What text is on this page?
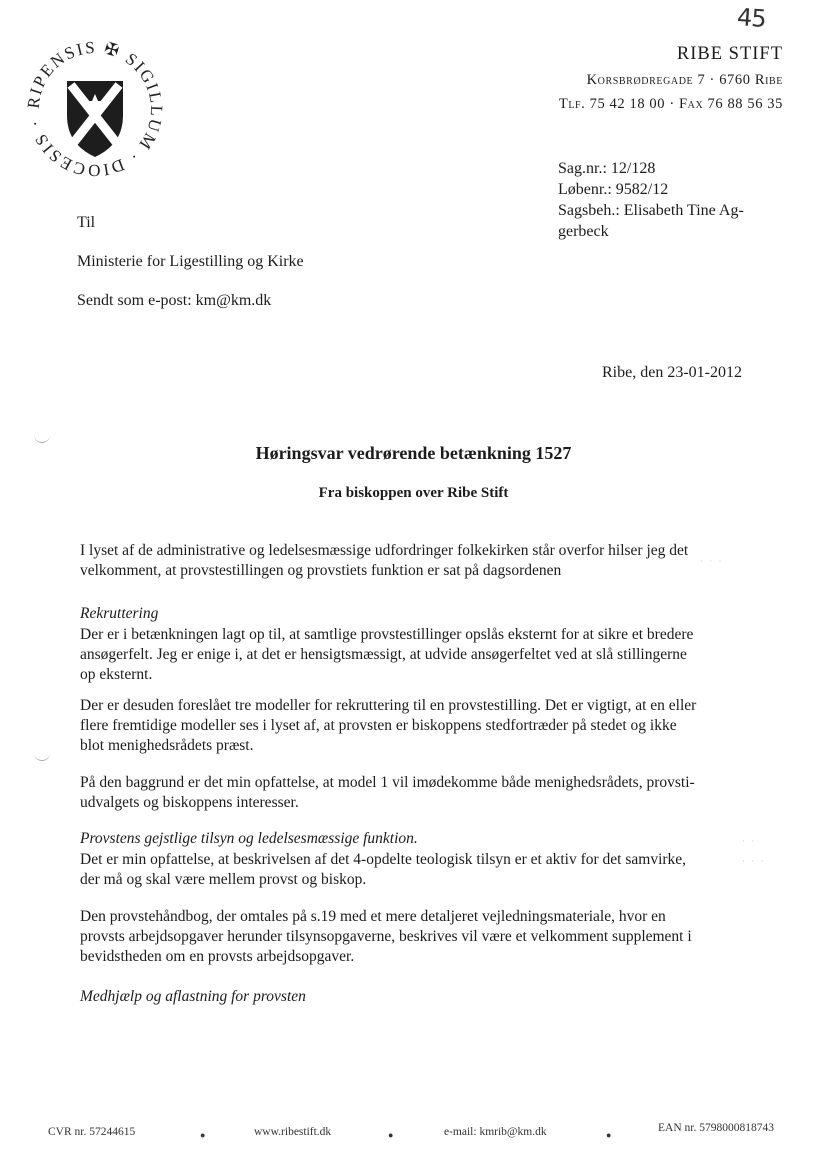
RIPENSIS ✠ SIGILLUM · DIOCESIS ·
45
RIBE STIFT
Korsbrødregade 7 · 6760 Ribe
Tlf. 75 42 18 00 · Fax 76 88 56 35
Sag.nr.: 12/128
Løbenr.: 9582/12
Sagsbeh.: Elisabeth Tine Ag-
gerbeck
Til
Ministerie for Ligestilling og Kirke
Sendt som e-post: km@km.dk
Ribe, den 23-01-2012
Høringsvar vedrørende betænkning 1527
Fra biskoppen over Ribe Stift
I lyset af de administrative og ledelsesmæssige udfordringer folkekirken står overfor hilser jeg det
velkomment, at provstestillingen og provstiets funktion er sat på dagsordenen
Rekruttering
Der er i betænkningen lagt op til, at samtlige provstestillinger opslås eksternt for at sikre et bredere
ansøgerfelt. Jeg er enige i, at det er hensigtsmæssigt, at udvide ansøgerfeltet ved at slå stillingerne
op eksternt.
Der er desuden foreslået tre modeller for rekruttering til en provstestilling. Det er vigtigt, at en eller
flere fremtidige modeller ses i lyset af, at provsten er biskoppens stedfortræder på stedet og ikke
blot menighedsrådets præst.
På den baggrund er det min opfattelse, at model 1 vil imødekomme både menighedsrådets, provsti-
udvalgets og biskoppens interesser.
Provstens gejstlige tilsyn og ledelsesmæssige funktion.
Det er min opfattelse, at beskrivelsen af det 4-opdelte teologisk tilsyn er et aktiv for det samvirke,
der må og skal være mellem provst og biskop.
Den provstehåndbog, der omtales på s.19 med et mere detaljeret vejledningsmateriale, hvor en
provsts arbejdsopgaver herunder tilsynsopgaverne, beskrives vil være et velkomment supplement i
bevidstheden om en provsts arbejdsopgaver.
Medhjælp og aflastning for provsten
· · ·
· ·
· · ·
CVR nr. 57244615	●	www.ribestift.dk	●	e-mail: kmrib@km.dk	●
EAN nr. 5798000818743
